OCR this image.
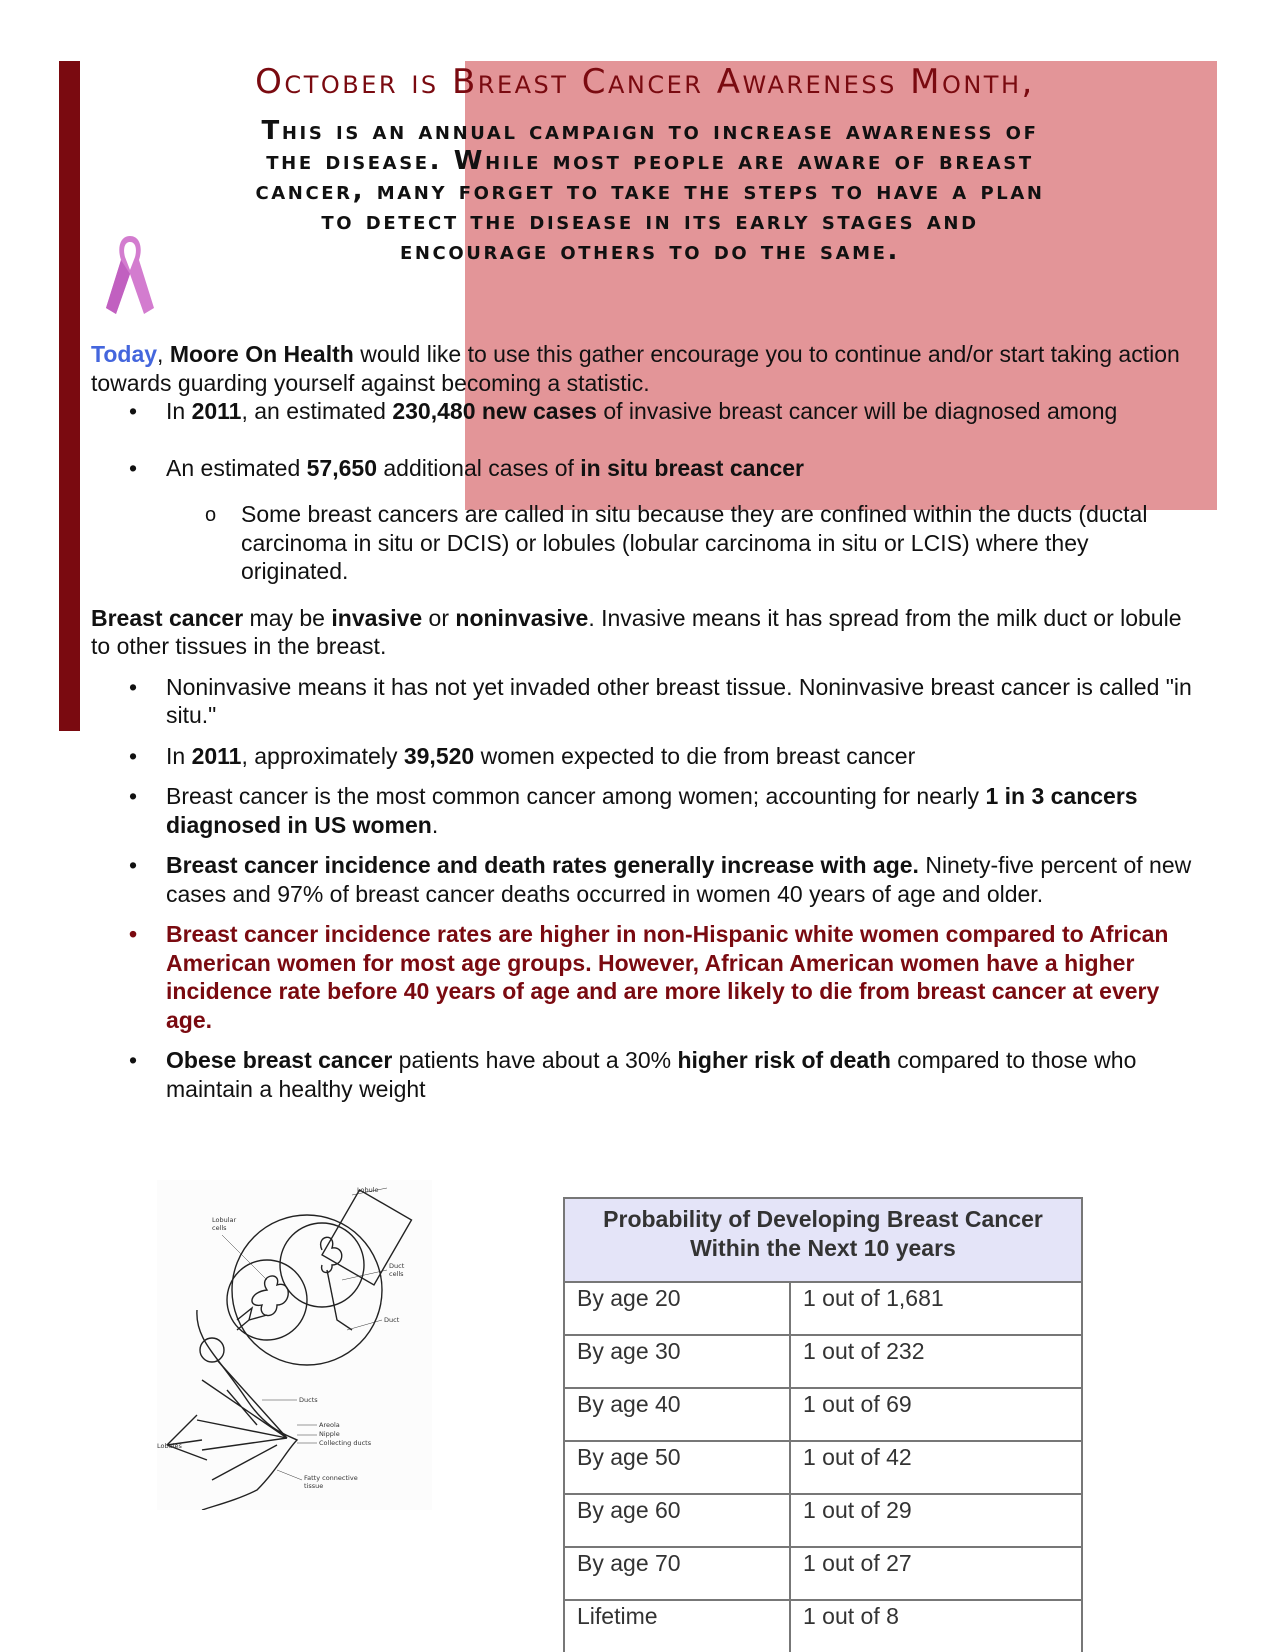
October is Breast Cancer Awareness Month,
This is an annual campaign to increase awareness of
the disease. While most people are aware of breast
cancer, many forget to take the steps to have a plan
to detect the disease in its early stages and
encourage others to do the same.

Today, Moore On Health would like to use this gather encourage you to continue and/or start taking action towards guarding yourself against becoming a statistic.

• In 2011, an estimated 230,480 new cases of invasive breast cancer will be diagnosed among
• An estimated 57,650 additional cases of in situ breast cancer
o Some breast cancers are called in situ because they are confined within the ducts (ductal carcinoma in situ or DCIS) or lobules (lobular carcinoma in situ or LCIS) where they originated.

Breast cancer may be invasive or noninvasive. Invasive means it has spread from the milk duct or lobule to other tissues in the breast.

• Noninvasive means it has not yet invaded other breast tissue. Noninvasive breast cancer is called "in situ."
• In 2011, approximately 39,520 women expected to die from breast cancer
• Breast cancer is the most common cancer among women; accounting for nearly 1 in 3 cancers diagnosed in US women.
• Breast cancer incidence and death rates generally increase with age. Ninety-five percent of new cases and 97% of breast cancer deaths occurred in women 40 years of age and older.
• Breast cancer incidence rates are higher in non-Hispanic white women compared to African American women for most age groups. However, African American women have a higher incidence rate before 40 years of age and are more likely to die from breast cancer at every age.
• Obese breast cancer patients have about a 30% higher risk of death compared to those who maintain a healthy weight
Lobule
Lobular
cells
Duct
cells
Duct
Ducts
Areola
Nipple
Collecting ducts
Lobules
Fatty connective
tissue
Probability of Developing Breast Cancer
Within the Next 10 years	

By age 20	1 out of 1,681
By age 30	1 out of 232
By age 40	1 out of 69
By age 50	1 out of 42
By age 60	1 out of 29
By age 70	1 out of 27
Lifetime	1 out of 8
